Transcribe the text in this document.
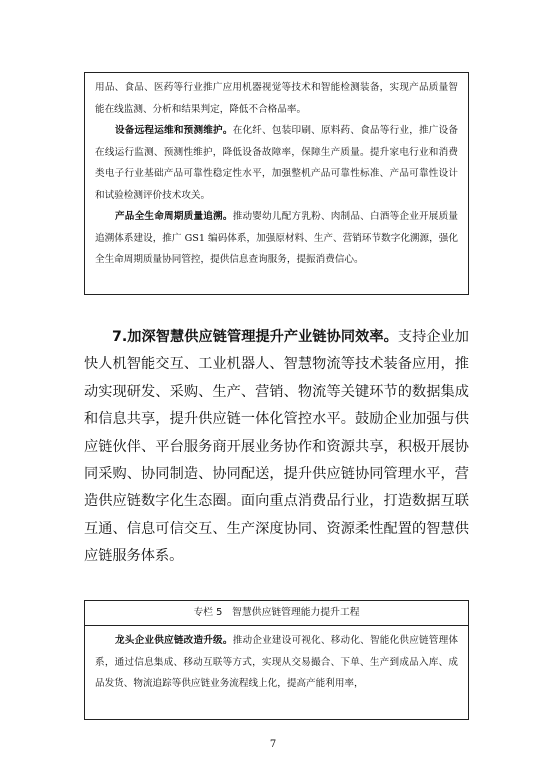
用品、食品、医药等行业推广应用机器视觉等技术和智能检测装备，实现产品质量智能在线监测、分析和结果判定，降低不合格品率。

设备远程运维和预测维护。在化纤、包装印刷、原料药、食品等行业，推广设备在线运行监测、预测性维护，降低设备故障率，保障生产质量。提升家电行业和消费类电子行业基础产品可靠性稳定性水平，加强整机产品可靠性标准、产品可靠性设计和试验检测评价技术攻关。

产品全生命周期质量追溯。推动婴幼儿配方乳粉、肉制品、白酒等企业开展质量追溯体系建设，推广 GS1 编码体系，加强原材料、生产、营销环节数字化溯源，强化全生命周期质量协同管控，提供信息查询服务，提振消费信心。

7.加深智慧供应链管理提升产业链协同效率。支持企业加快人机智能交互、工业机器人、智慧物流等技术装备应用，推动实现研发、采购、生产、营销、物流等关键环节的数据集成和信息共享，提升供应链一体化管控水平。鼓励企业加强与供应链伙伴、平台服务商开展业务协作和资源共享，积极开展协同采购、协同制造、协同配送，提升供应链协同管理水平，营造供应链数字化生态圈。面向重点消费品行业，打造数据互联互通、信息可信交互、生产深度协同、资源柔性配置的智慧供应链服务体系。

专栏 5　智慧供应链管理能力提升工程

龙头企业供应链改造升级。推动企业建设可视化、移动化、智能化供应链管理体系，通过信息集成、移动互联等方式，实现从交易撮合、下单、生产到成品入库、成品发货、物流追踪等供应链业务流程线上化，提高产能利用率，

7
